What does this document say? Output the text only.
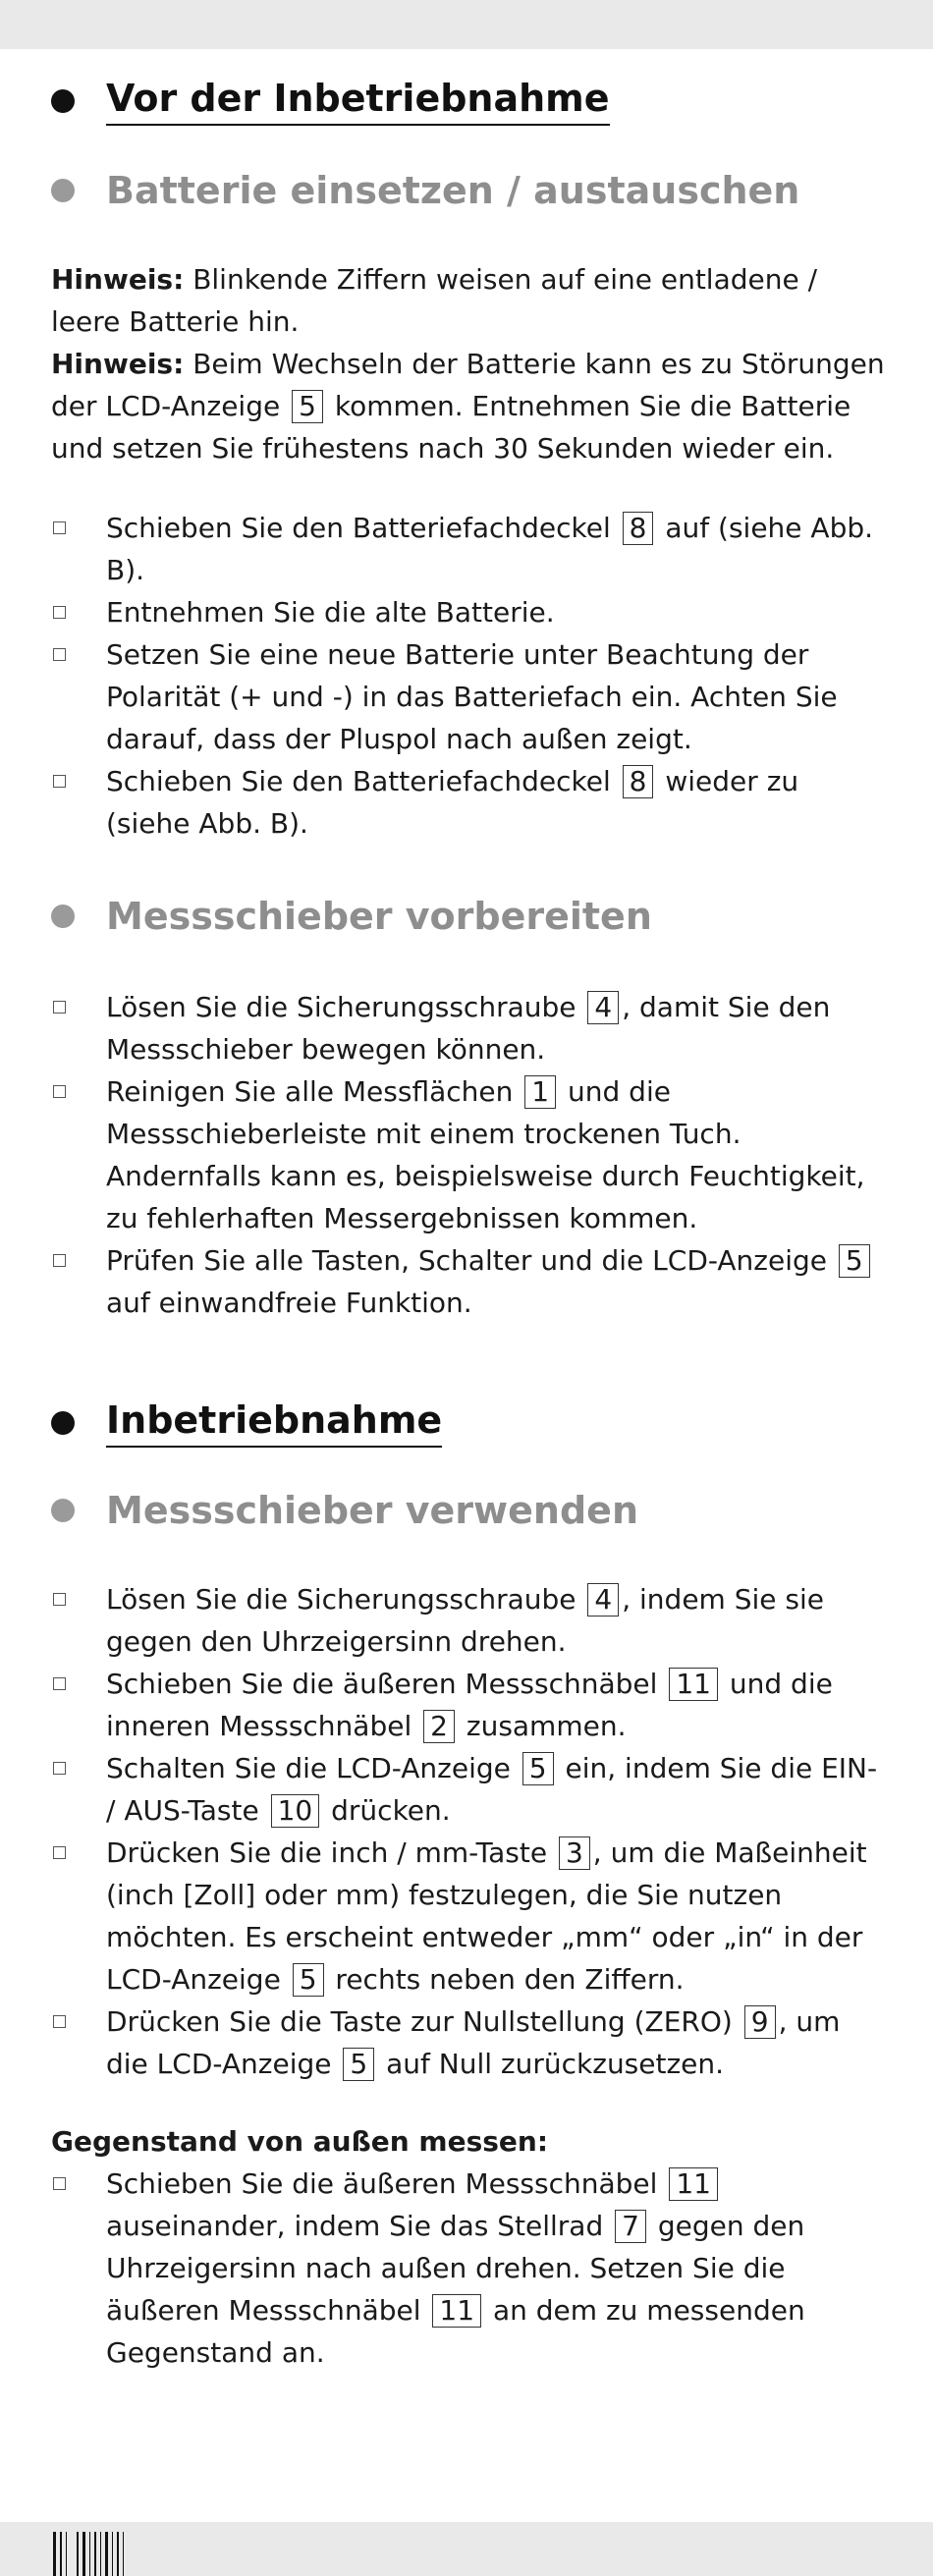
Vor der Inbetriebnahme
Batterie einsetzen / austauschen
Hinweis: Blinkende Ziffern weisen auf eine entladene / leere Batterie hin.
Hinweis: Beim Wechseln der Batterie kann es zu Störungen der LCD-Anzeige 5 kommen. Entnehmen Sie die Batterie und setzen Sie frühestens nach 30 Sekunden wieder ein.
Schieben Sie den Batteriefachdeckel 8 auf (siehe Abb. B).
Entnehmen Sie die alte Batterie.
Setzen Sie eine neue Batterie unter Beachtung der Polarität (+ und -) in das Batteriefach ein. Achten Sie darauf, dass der Pluspol nach außen zeigt.
Schieben Sie den Batteriefachdeckel 8 wieder zu (siehe Abb. B).
Messschieber vorbereiten
Lösen Sie die Sicherungsschraube 4 , damit Sie den Messschieber bewegen können.
Reinigen Sie alle Messflächen 1 und die Messschieberleiste mit einem trockenen Tuch. Andernfalls kann es, beispielsweise durch Feuchtigkeit, zu fehlerhaften Messergebnissen kommen.
Prüfen Sie alle Tasten, Schalter und die LCD-Anzeige 5 auf einwandfreie Funktion.
Inbetriebnahme
Messschieber verwenden
Lösen Sie die Sicherungsschraube 4 , indem Sie sie gegen den Uhrzeigersinn drehen.
Schieben Sie die äußeren Messschnäbel 11 und die inneren Messschnäbel 2 zusammen.
Schalten Sie die LCD-Anzeige 5 ein, indem Sie die EIN- / AUS-Taste 10 drücken.
Drücken Sie die inch / mm-Taste 3 , um die Maßeinheit (inch [Zoll] oder mm) festzulegen, die Sie nutzen möchten. Es erscheint entweder „mm“ oder „in“ in der LCD-Anzeige 5 rechts neben den Ziffern.
Drücken Sie die Taste zur Nullstellung (ZERO) 9 , um die LCD-Anzeige 5 auf Null zurückzusetzen.
Gegenstand von außen messen:
Schieben Sie die äußeren Messschnäbel 11 auseinander, indem Sie das Stellrad 7 gegen den Uhrzeigersinn nach außen drehen. Setzen Sie die äußeren Messschnäbel 11 an dem zu messenden Gegenstand an.
